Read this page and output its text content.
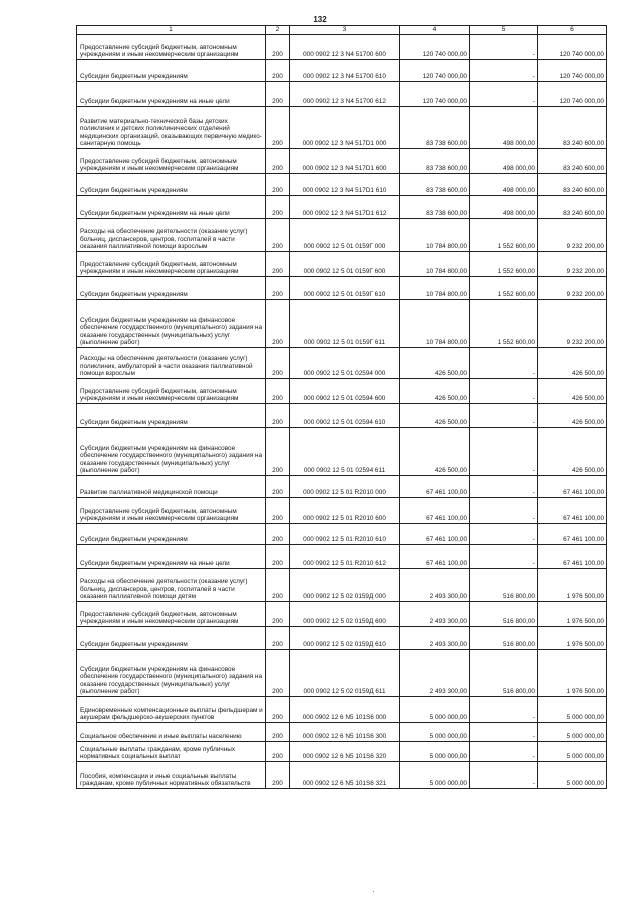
132
1	2	3	4	5	6
Предоставление субсидий бюджетным, автономным учреждениям и иным некоммерческим организациям	200	000 0902 12 3 N4 51700 600	120 740 000,00	-	120 740 000,00
Субсидии бюджетным учреждениям	200	000 0902 12 3 N4 51700 610	120 740 000,00	-	120 740 000,00
Субсидии бюджетным учреждениям на иные цели	200	000 0902 12 3 N4 51700 612	120 740 000,00	-	120 740 000,00
Развитие материально-технической базы детских поликлиник и детских поликлинических отделений медицинских организаций, оказывающих первичную медико-санитарную помощь	200	000 0902 12 3 N4 517D1 000	83 738 600,00	498 000,00	83 240 600,00
Предоставление субсидий бюджетным, автономным учреждениям и иным некоммерческим организациям	200	000 0902 12 3 N4 517D1 600	83 738 600,00	498 000,00	83 240 600,00
Субсидии бюджетным учреждениям	200	000 0902 12 3 N4 517D1 610	83 738 600,00	498 000,00	83 240 600,00
Субсидии бюджетным учреждениям на иные цели	200	000 0902 12 3 N4 517D1 612	83 738 600,00	498 000,00	83 240 600,00
Расходы на обеспечение деятельности (оказание услуг) больниц, диспансеров, центров, госпиталей в части оказания паллиативной помощи взрослым	200	000 0902 12 5 01 0159Г 000	10 784 800,00	1 552 600,00	9 232 200,00
Предоставление субсидий бюджетным, автономным учреждениям и иным некоммерческим организациям	200	000 0902 12 5 01 0159Г 600	10 784 800,00	1 552 600,00	9 232 200,00
Субсидии бюджетным учреждениям	200	000 0902 12 5 01 0159Г 610	10 784 800,00	1 552 600,00	9 232 200,00
Субсидии бюджетным учреждениям на финансовое обеспечение государственного (муниципального) задания на оказание государственных (муниципальных) услуг (выполнение работ)	200	000 0902 12 5 01 0159Г 611	10 784 800,00	1 552 600,00	9 232 200,00
Расходы на обеспечение деятельности (оказание услуг) поликлиник, амбулаторий в части оказания паллиативной помощи взрослым	200	000 0902 12 5 01 02594 000	426 500,00	-	426 500,00
Предоставление субсидий бюджетным, автономным учреждениям и иным некоммерческим организациям	200	000 0902 12 5 01 02594 600	426 500,00	-	426 500,00
Субсидии бюджетным учреждениям	200	000 0902 12 5 01 02594 610	426 500,00	-	426 500,00
Субсидии бюджетным учреждениям на финансовое обеспечение государственного (муниципального) задания на оказание государственных (муниципальных) услуг (выполнение работ)	200	000 0902 12 5 01 02594 611	426 500,00	-	426 500,00
Развитие паллиативной медицинской помощи	200	000 0902 12 5 01 R2010 000	67 461 100,00	-	67 461 100,00
Предоставление субсидий бюджетным, автономным учреждениям и иным некоммерческим организациям	200	000 0902 12 5 01 R2010 600	67 461 100,00	-	67 461 100,00
Субсидии бюджетным учреждениям	200	000 0902 12 5 01 R2010 610	67 461 100,00	-	67 461 100,00
Субсидии бюджетным учреждениям на иные цели	200	000 0902 12 5 01 R2010 612	67 461 100,00	-	67 461 100,00
Расходы на обеспечение деятельности (оказание услуг) больниц, диспансеров, центров, госпиталей в части оказания паллиативной помощи детям	200	000 0902 12 5 02 0159Д 000	2 493 300,00	516 800,00	1 976 500,00
Предоставление субсидий бюджетным, автономным учреждениям и иным некоммерческим организациям	200	000 0902 12 5 02 0159Д 600	2 493 300,00	516 800,00	1 976 500,00
Субсидии бюджетным учреждениям	200	000 0902 12 5 02 0159Д 610	2 493 300,00	516 800,00	1 976 500,00
Субсидии бюджетным учреждениям на финансовое обеспечение государственного (муниципального) задания на оказание государственных (муниципальных) услуг (выполнение работ)	200	000 0902 12 5 02 0159Д 611	2 493 300,00	516 800,00	1 976 500,00
Единовременные компенсационные выплаты фельдшерам и акушерам фельдшерско-акушерских пунктов	200	000 0902 12 6 N5 101S6 000	5 000 000,00	-	5 000 000,00
Социальное обеспечение и иные выплаты населению	200	000 0902 12 6 N5 101S6 300	5 000 000,00	-	5 000 000,00
Социальные выплаты гражданам, кроме публичных нормативных социальных выплат	200	000 0902 12 6 N5 101S6 320	5 000 000,00	-	5 000 000,00
Пособия, компенсации и иные социальные выплаты гражданам, кроме публичных нормативных обязательств	200	000 0902 12 6 N5 101S6 321	5 000 000,00	-	5 000 000,00
·
